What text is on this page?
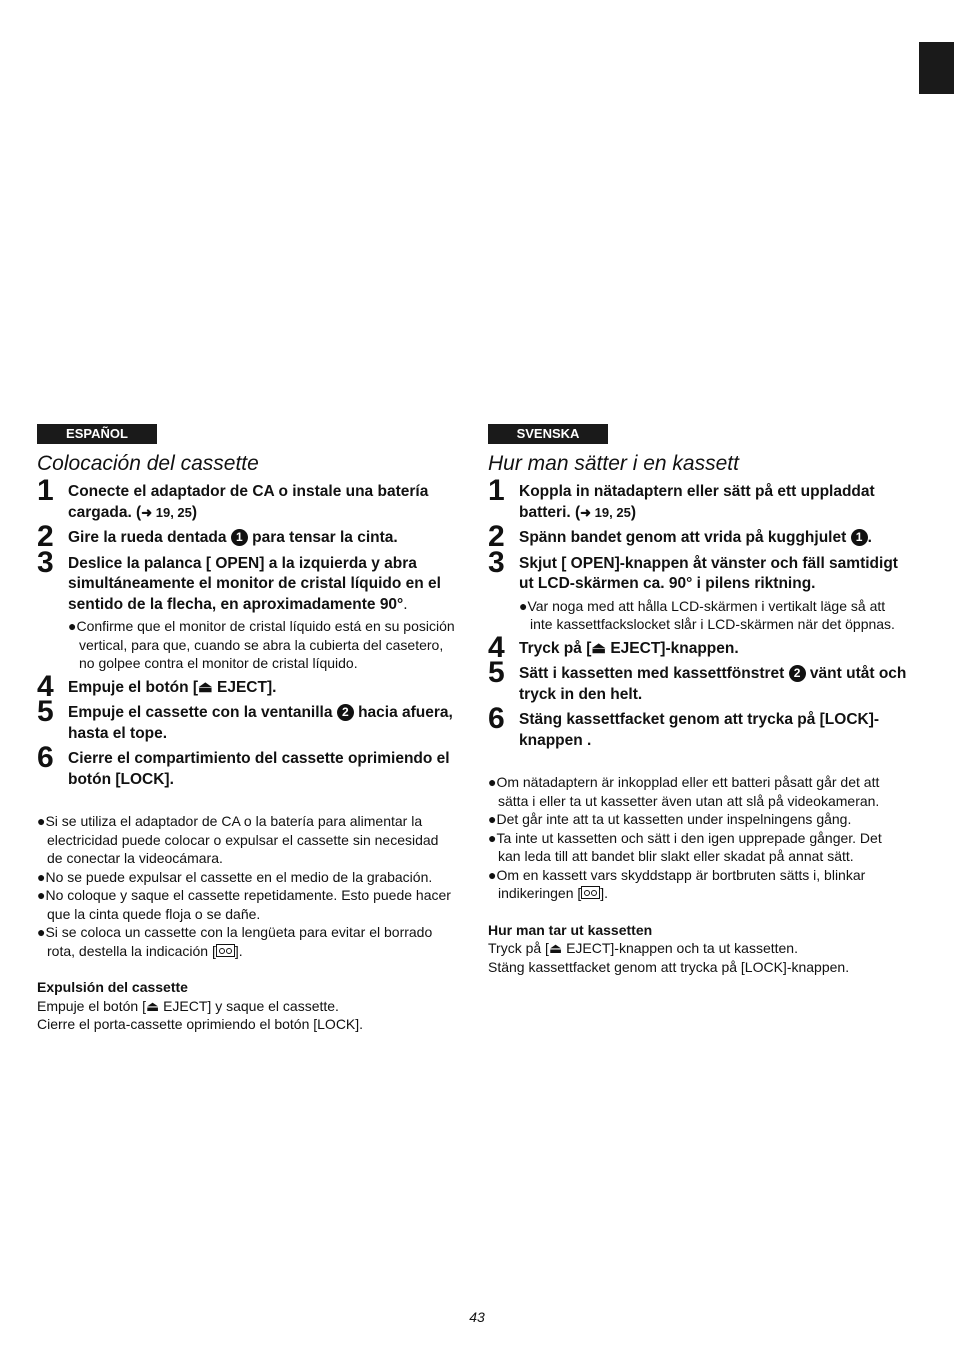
ESPAÑOL
Colocación del cassette
1 Conecte el adaptador de CA o instale una batería cargada. (➜ 19, 25)
2 Gire la rueda dentada 1 para tensar la cinta.
3 Deslice la palanca [ OPEN] a la izquierda y abra simultáneamente el monitor de cristal líquido en el sentido de la flecha, en aproximadamente 90°.
●Confirme que el monitor de cristal líquido está en su posición vertical, para que, cuando se abra la cubierta del casetero, no golpee contra el monitor de cristal líquido.
4 Empuje el botón [⏏ EJECT].
5 Empuje el cassette con la ventanilla 2 hacia afuera, hasta el tope.
6 Cierre el compartimiento del cassette oprimiendo el botón [LOCK].
●Si se utiliza el adaptador de CA o la batería para alimentar la electricidad puede colocar o expulsar el cassette sin necesidad de conectar la videocámara.
●No se puede expulsar el cassette en el medio de la grabación.
●No coloque y saque el cassette repetidamente. Esto puede hacer que la cinta quede floja o se dañe.
●Si se coloca un cassette con la lengüeta para evitar el borrado rota, destella la indicación [ ].
Expulsión del cassette
Empuje el botón [⏏ EJECT] y saque el cassette.
Cierre el porta-cassette oprimiendo el botón [LOCK].
SVENSKA
Hur man sätter i en kassett
1 Koppla in nätadaptern eller sätt på ett uppladdat batteri. (➜ 19, 25)
2 Spänn bandet genom att vrida på kugghjulet 1 .
3 Skjut [ OPEN]-knappen åt vänster och fäll samtidigt ut LCD-skärmen ca. 90° i pilens riktning.
●Var noga med att hålla LCD-skärmen i vertikalt läge så att inte kassettfackslocket slår i LCD-skärmen när det öppnas.
4 Tryck på [⏏ EJECT]-knappen.
5 Sätt i kassetten med kassettfönstret 2 vänt utåt och tryck in den helt.
6 Stäng kassettfacket genom att trycka på [LOCK]-knappen .
●Om nätadaptern är inkopplad eller ett batteri påsatt går det att sätta i eller ta ut kassetter även utan att slå på videokameran.
●Det går inte att ta ut kassetten under inspelningens gång.
●Ta inte ut kassetten och sätt i den igen upprepade gånger. Det kan leda till att bandet blir slakt eller skadat på annat sätt.
●Om en kassett vars skyddstapp är bortbruten sätts i, blinkar indikeringen [ ].
Hur man tar ut kassetten
Tryck på [⏏ EJECT]-knappen och ta ut kassetten.
Stäng kassettfacket genom att trycka på [LOCK]-knappen.
43
